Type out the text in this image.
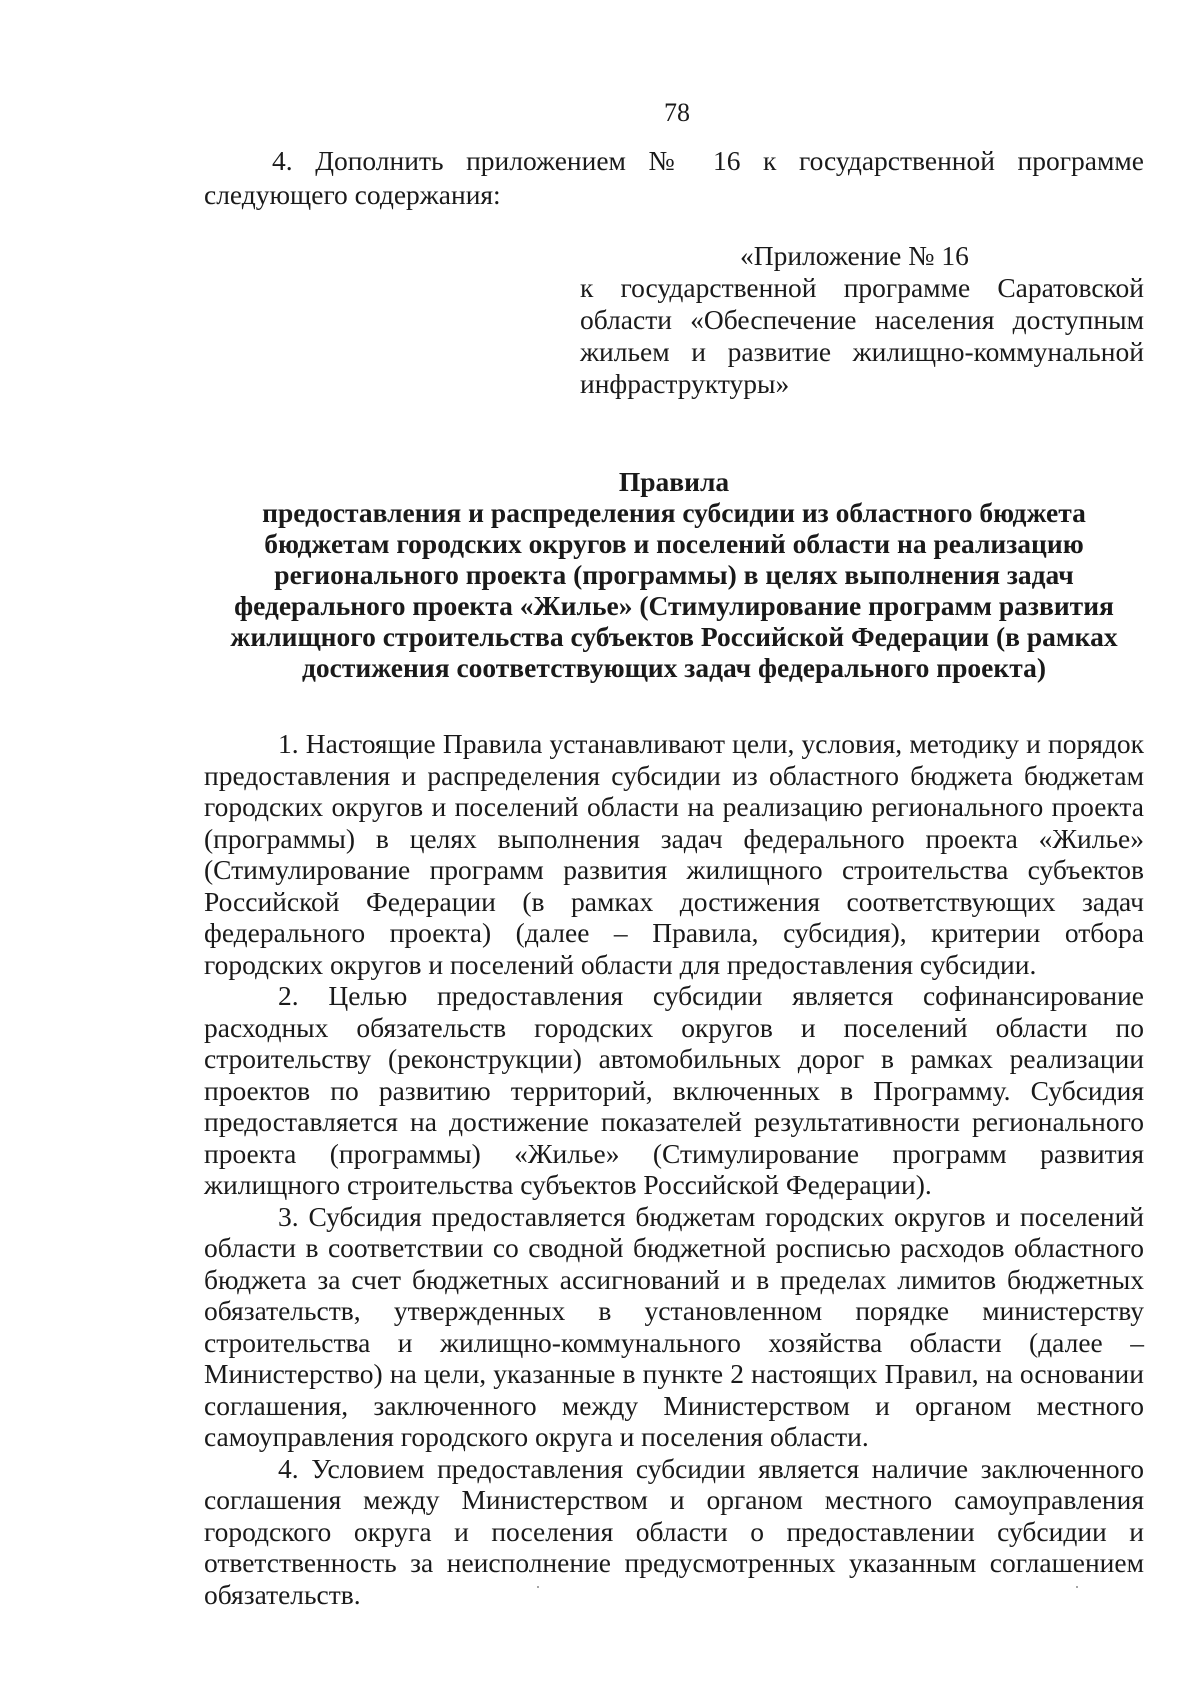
78

4. Дополнить приложением № 16 к государственной программе следующего содержания:

«Приложение № 16

к государственной программе Саратовской области «Обеспечение населения доступным жильем и развитие жилищно-коммунальной инфраструктуры»

Правила

предоставления и распределения субсидии из областного бюджета бюджетам городских округов и поселений области на реализацию регионального проекта (программы) в целях выполнения задач федерального проекта «Жилье» (Стимулирование программ развития жилищного строительства субъектов Российской Федерации (в рамках достижения соответствующих задач федерального проекта)

1. Настоящие Правила устанавливают цели, условия, методику и порядок предоставления и распределения субсидии из областного бюджета бюджетам городских округов и поселений области на реализацию регионального проекта (программы) в целях выполнения задач федерального проекта «Жилье» (Стимулирование программ развития жилищного строительства субъектов Российской Федерации (в рамках достижения соответствующих задач федерального проекта) (далее – Правила, субсидия), критерии отбора городских округов и поселений области для предоставления субсидии.

2. Целью предоставления субсидии является софинансирование расходных обязательств городских округов и поселений области по строительству (реконструкции) автомобильных дорог в рамках реализации проектов по развитию территорий, включенных в Программу. Субсидия предоставляется на достижение показателей результативности регионального проекта (программы) «Жилье» (Стимулирование программ развития жилищного строительства субъектов Российской Федерации).

3. Субсидия предоставляется бюджетам городских округов и поселений области в соответствии со сводной бюджетной росписью расходов областного бюджета за счет бюджетных ассигнований и в пределах лимитов бюджетных обязательств, утвержденных в установленном порядке министерству строительства и жилищно-коммунального хозяйства области (далее – Министерство) на цели, указанные в пункте 2 настоящих Правил, на основании соглашения, заключенного между Министерством и органом местного самоуправления городского округа и поселения области.

4. Условием предоставления субсидии является наличие заключенного соглашения между Министерством и органом местного самоуправления городского округа и поселения области о предоставлении субсидии и ответственность за неисполнение предусмотренных указанным соглашением обязательств.
